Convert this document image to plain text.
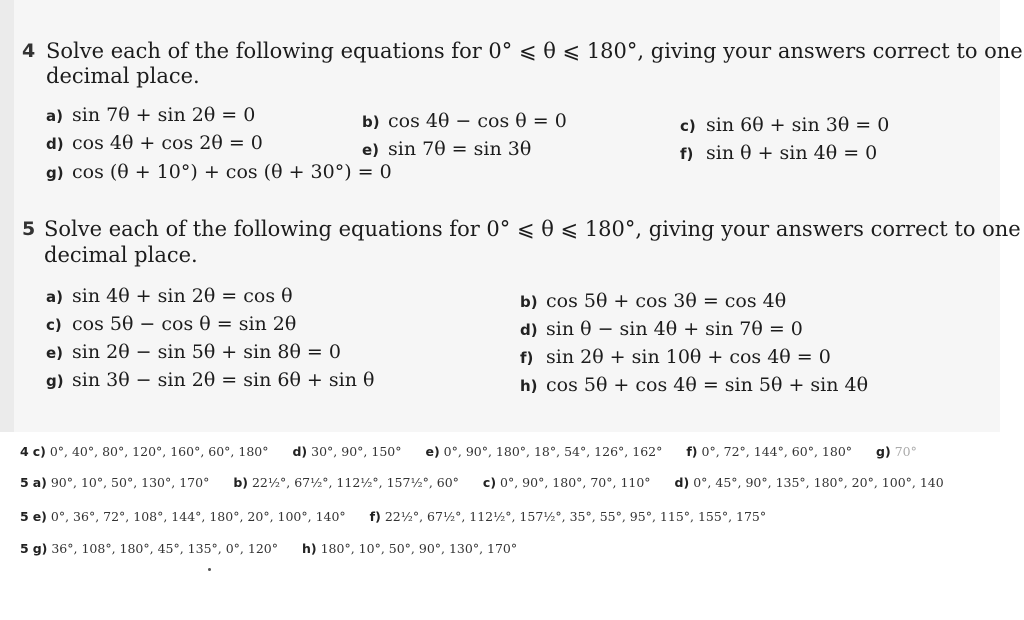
4 Solve each of the following equations for 0° ⩽ θ ⩽ 180°, giving your answers correct to one
decimal place.
a) sin 7θ + sin 2θ = 0	b) cos 4θ − cos θ = 0	c) sin 6θ + sin 3θ = 0
d) cos 4θ + cos 2θ = 0	e) sin 7θ = sin 3θ	f) sin θ + sin 4θ = 0
g) cos (θ + 10°) + cos (θ + 30°) = 0
5 Solve each of the following equations for 0° ⩽ θ ⩽ 180°, giving your answers correct to one
decimal place.
a) sin 4θ + sin 2θ = cos θ	b) cos 5θ + cos 3θ = cos 4θ
c) cos 5θ − cos θ = sin 2θ	d) sin θ − sin 4θ + sin 7θ = 0
e) sin 2θ − sin 5θ + sin 8θ = 0	f) sin 2θ + sin 10θ + cos 4θ = 0
g) sin 3θ − sin 2θ = sin 6θ + sin θ	h) cos 5θ + cos 4θ = sin 5θ + sin 4θ
4 c) 0°, 40°, 80°, 120°, 160°, 60°, 180° d) 30°, 90°, 150° e) 0°, 90°, 180°, 18°, 54°, 126°, 162° f) 0°, 72°, 144°, 60°, 180° g) 70°
5 a) 90°, 10°, 50°, 130°, 170° b) 22½°, 67½°, 112½°, 157½°, 60° c) 0°, 90°, 180°, 70°, 110° d) 0°, 45°, 90°, 135°, 180°, 20°, 100°, 140
5 e) 0°, 36°, 72°, 108°, 144°, 180°, 20°, 100°, 140° f) 22½°, 67½°, 112½°, 157½°, 35°, 55°, 95°, 115°, 155°, 175°
5 g) 36°, 108°, 180°, 45°, 135°, 0°, 120° h) 180°, 10°, 50°, 90°, 130°, 170°
